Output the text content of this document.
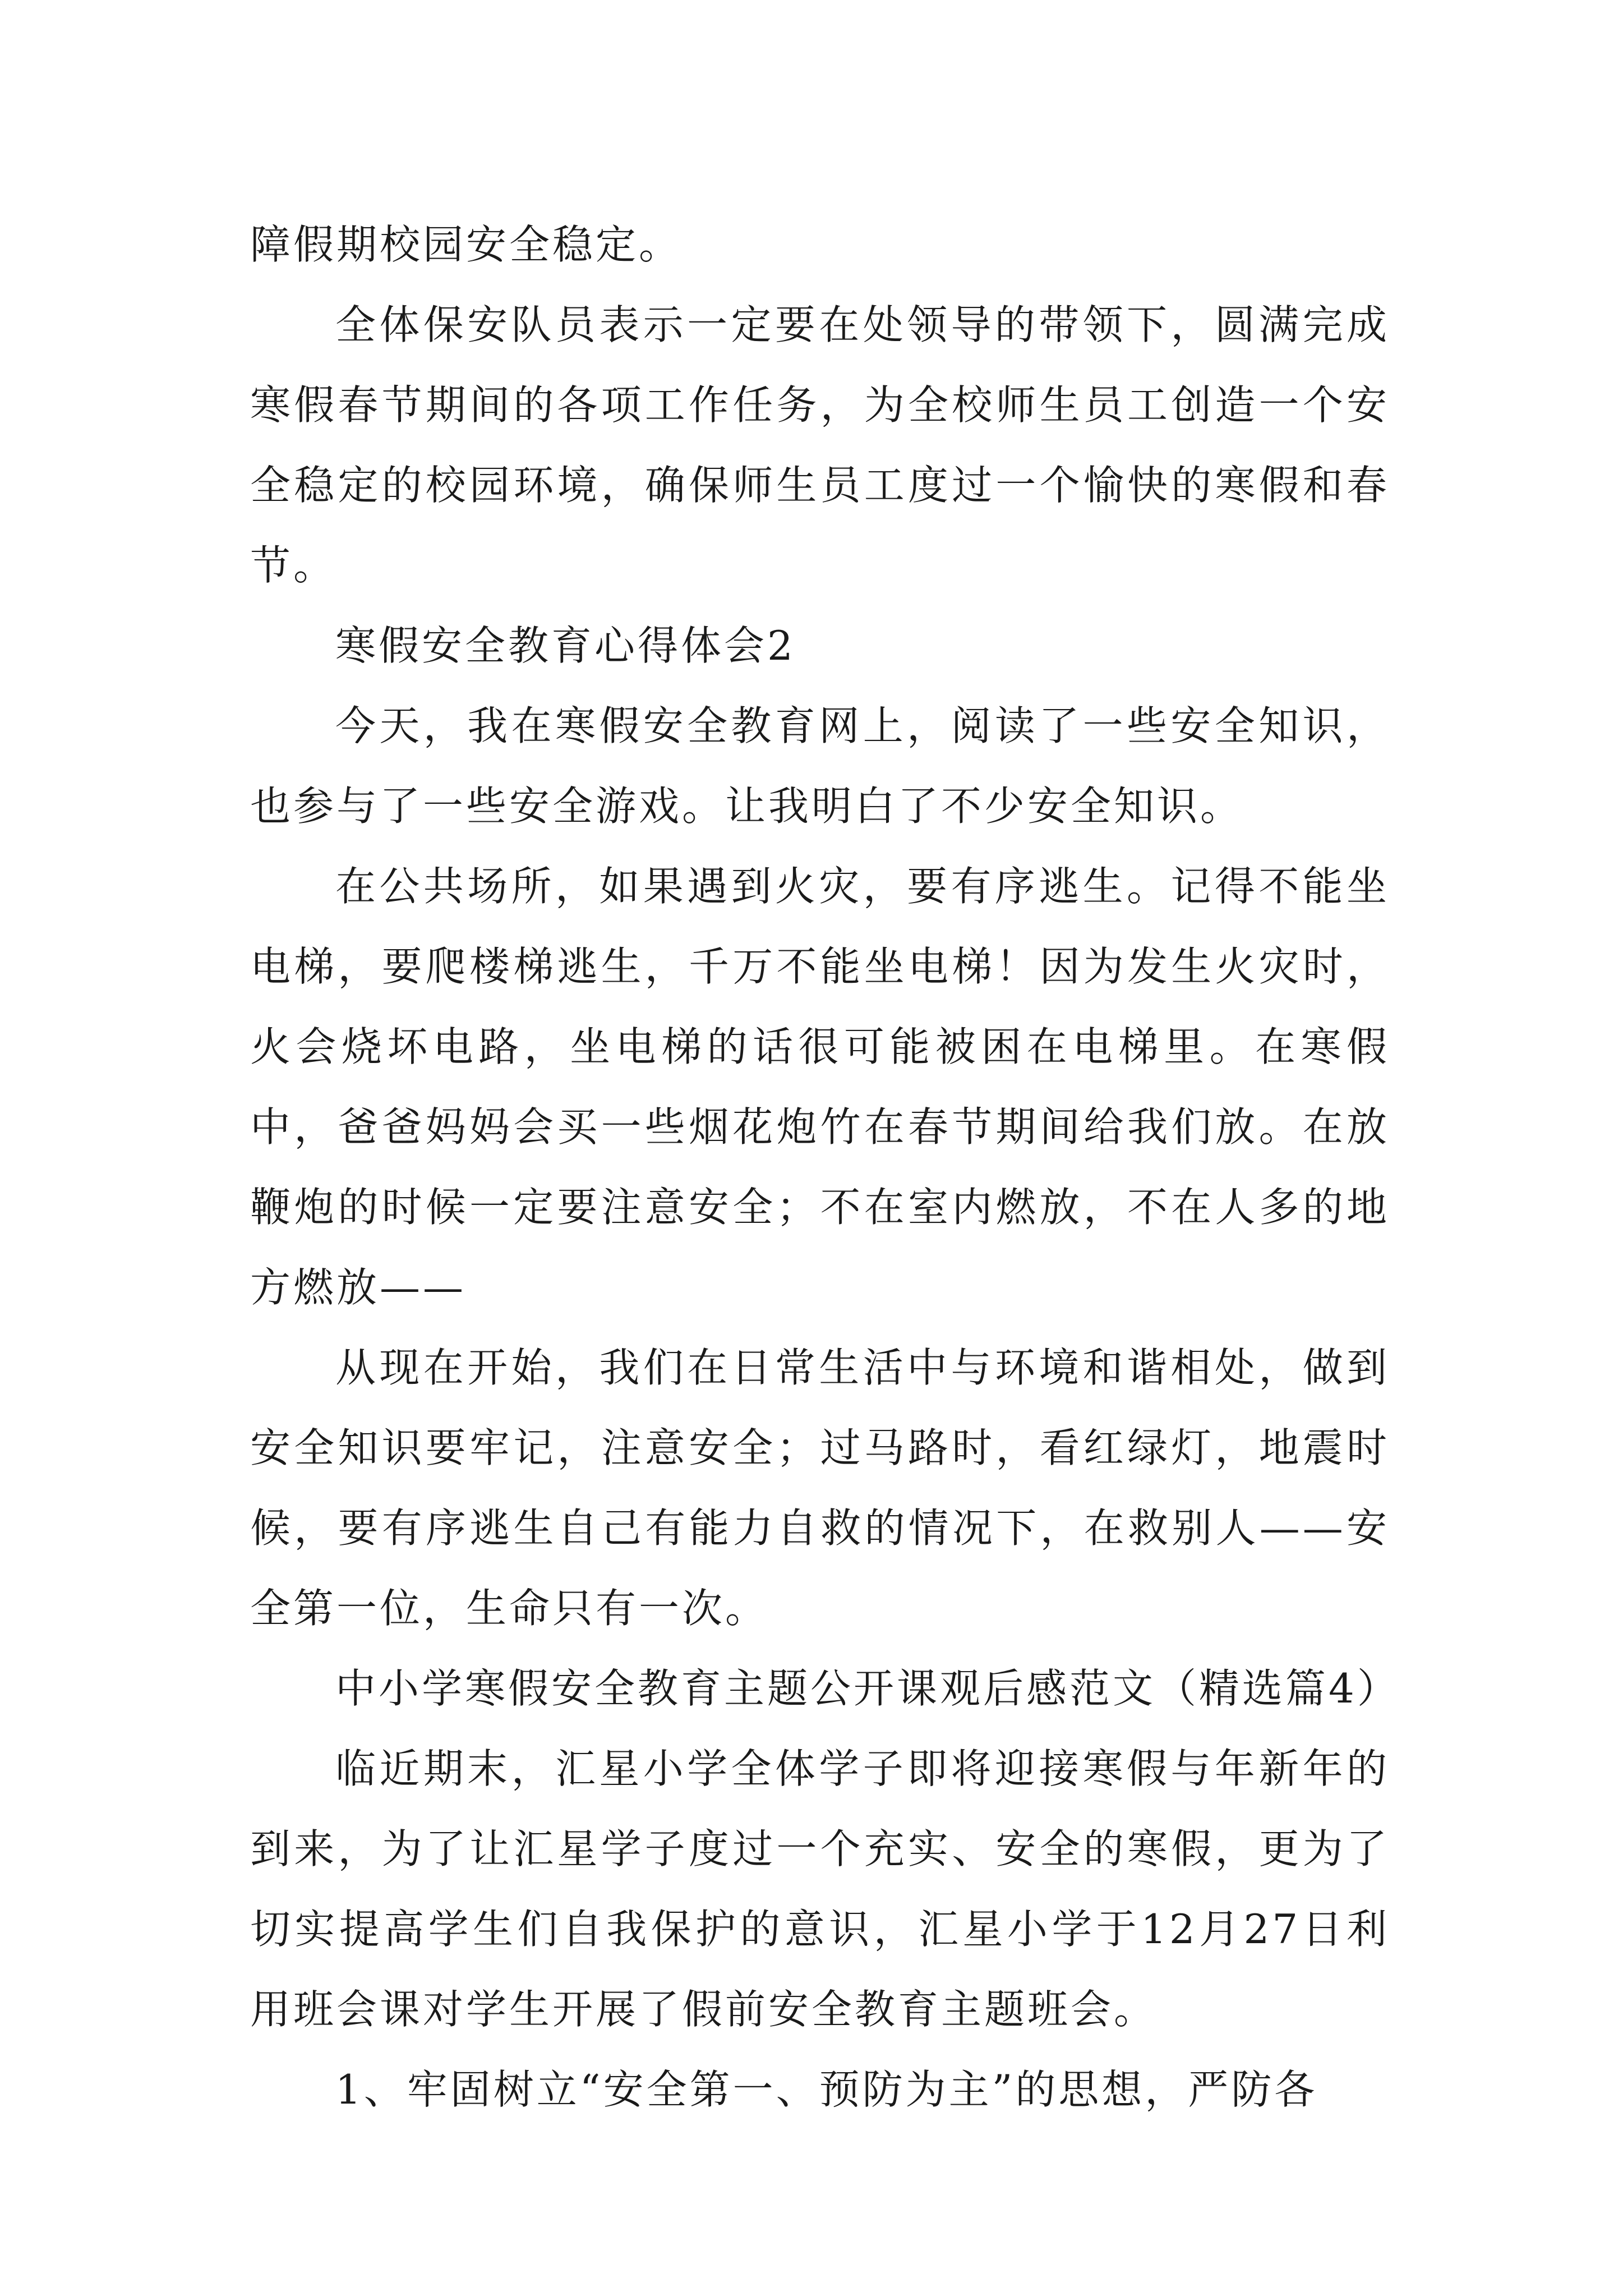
障假期校园安全稳定。

全体保安队员表示一定要在处领导的带领下，圆满完成寒假春节期间的各项工作任务，为全校师生员工创造一个安全稳定的校园环境，确保师生员工度过一个愉快的寒假和春节。

寒假安全教育心得体会2

今天，我在寒假安全教育网上，阅读了一些安全知识，也参与了一些安全游戏。让我明白了不少安全知识。

在公共场所，如果遇到火灾，要有序逃生。记得不能坐电梯，要爬楼梯逃生，千万不能坐电梯！因为发生火灾时，火会烧坏电路，坐电梯的话很可能被困在电梯里。在寒假中，爸爸妈妈会买一些烟花炮竹在春节期间给我们放。在放鞭炮的时候一定要注意安全；不在室内燃放，不在人多的地方燃放——

从现在开始，我们在日常生活中与环境和谐相处，做到安全知识要牢记，注意安全；过马路时，看红绿灯，地震时候，要有序逃生自己有能力自救的情况下，在救别人——安全第一位，生命只有一次。

中小学寒假安全教育主题公开课观后感范文（精选篇4）

临近期末，汇星小学全体学子即将迎接寒假与年新年的到来，为了让汇星学子度过一个充实、安全的寒假，更为了切实提高学生们自我保护的意识，汇星小学于12月27日利用班会课对学生开展了假前安全教育主题班会。

1、牢固树立“安全第一、预防为主”的思想，严防各
